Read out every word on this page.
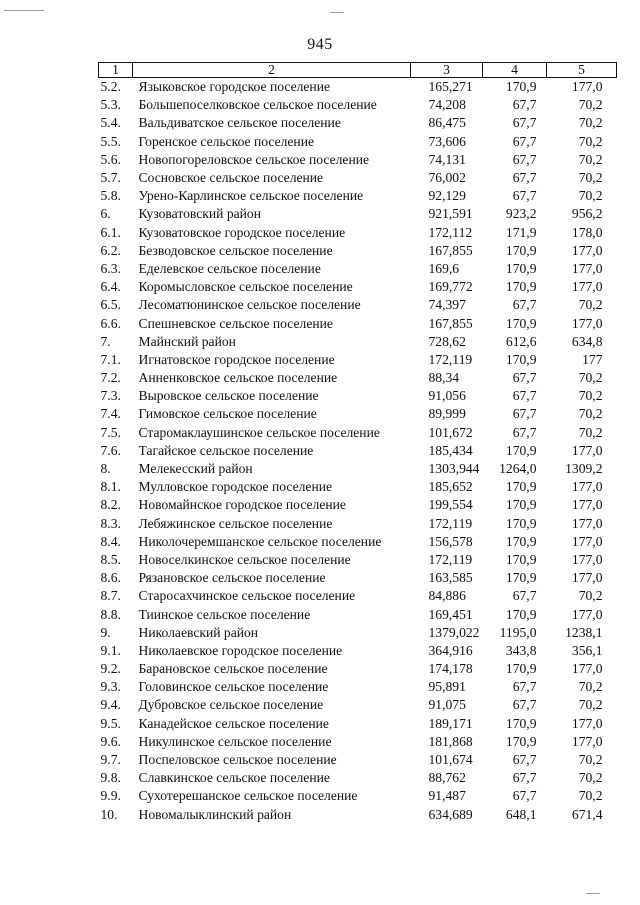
945
1	2	3	4	5
5.2.	Языковское городское поселение	165,271	170,9	177,0
5.3.	Большепоселковское сельское поселение	74,208	67,7	70,2
5.4.	Вальдиватское сельское поселение	86,475	67,7	70,2
5.5.	Горенское сельское поселение	73,606	67,7	70,2
5.6.	Новопогореловское сельское поселение	74,131	67,7	70,2
5.7.	Сосновское сельское поселение	76,002	67,7	70,2
5.8.	Урено-Карлинское сельское поселение	92,129	67,7	70,2
6.	Кузоватовский район	921,591	923,2	956,2
6.1.	Кузоватовское городское поселение	172,112	171,9	178,0
6.2.	Безводовское сельское поселение	167,855	170,9	177,0
6.3.	Еделевское сельское поселение	169,6	170,9	177,0
6.4.	Коромысловское сельское поселение	169,772	170,9	177,0
6.5.	Лесоматюнинское сельское поселение	74,397	67,7	70,2
6.6.	Спешневское сельское поселение	167,855	170,9	177,0
7.	Майнский район	728,62	612,6	634,8
7.1.	Игнатовское городское поселение	172,119	170,9	177
7.2.	Анненковское сельское поселение	88,34	67,7	70,2
7.3.	Выровское сельское поселение	91,056	67,7	70,2
7.4.	Гимовское сельское поселение	89,999	67,7	70,2
7.5.	Старомаклаушинское сельское поселение	101,672	67,7	70,2
7.6.	Тагайское сельское поселение	185,434	170,9	177,0
8.	Мелекесский район	1303,944	1264,0	1309,2
8.1.	Мулловское городское поселение	185,652	170,9	177,0
8.2.	Новомайнское городское поселение	199,554	170,9	177,0
8.3.	Лебяжинское сельское поселение	172,119	170,9	177,0
8.4.	Николочеремшанское сельское поселение	156,578	170,9	177,0
8.5.	Новоселкинское сельское поселение	172,119	170,9	177,0
8.6.	Рязановское сельское поселение	163,585	170,9	177,0
8.7.	Старосахчинское сельское поселение	84,886	67,7	70,2
8.8.	Тиинское сельское поселение	169,451	170,9	177,0
9.	Николаевский район	1379,022	1195,0	1238,1
9.1.	Николаевское городское поселение	364,916	343,8	356,1
9.2.	Барановское сельское поселение	174,178	170,9	177,0
9.3.	Головинское сельское поселение	95,891	67,7	70,2
9.4.	Дубровское сельское поселение	91,075	67,7	70,2
9.5.	Канадейское сельское поселение	189,171	170,9	177,0
9.6.	Никулинское сельское поселение	181,868	170,9	177,0
9.7.	Поспеловское сельское поселение	101,674	67,7	70,2
9.8.	Славкинское сельское поселение	88,762	67,7	70,2
9.9.	Сухотерешанское сельское поселение	91,487	67,7	70,2
10.	Новомалыклинский район	634,689	648,1	671,4
